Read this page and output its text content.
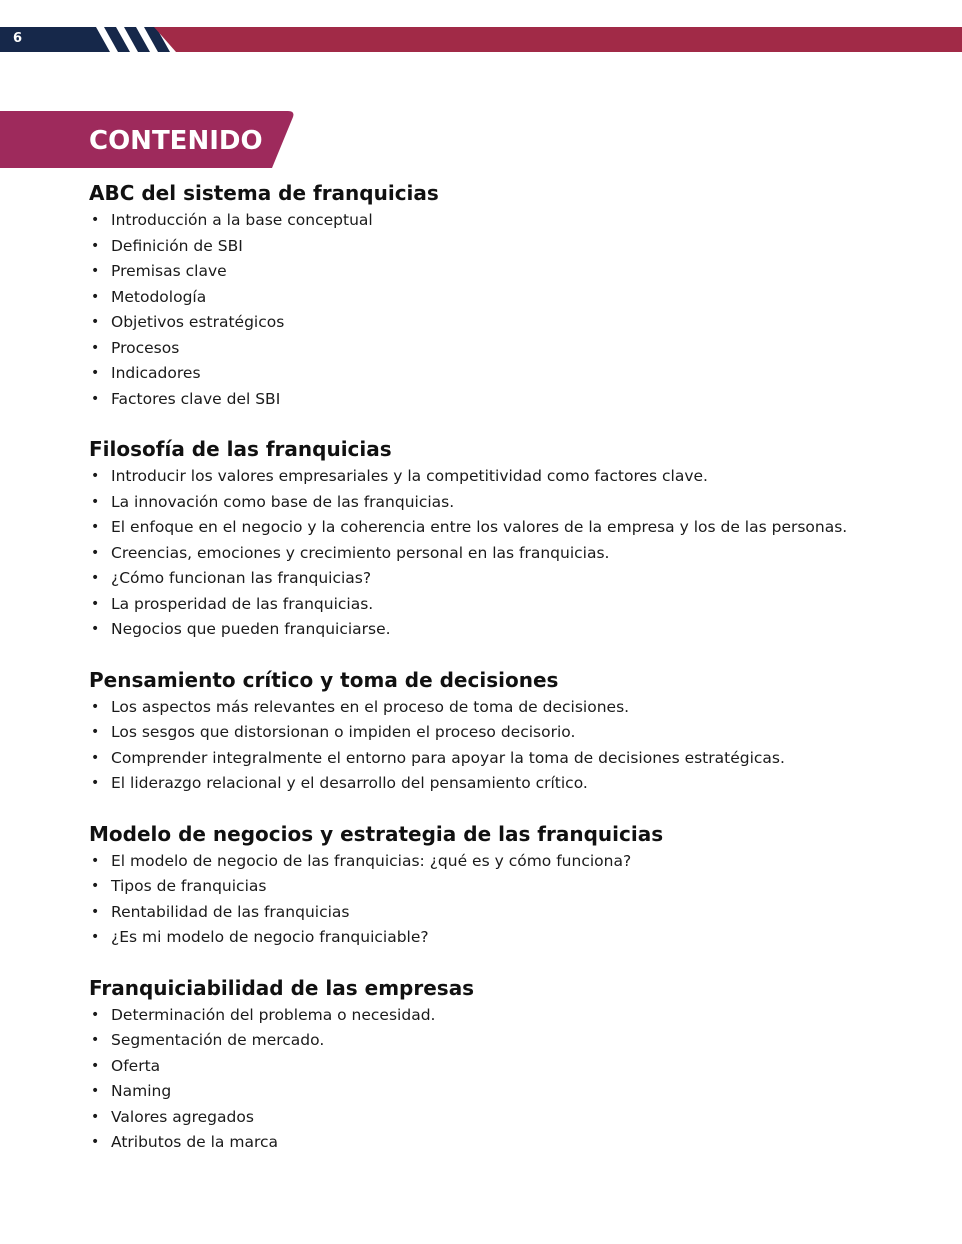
6
CONTENIDO
ABC del sistema de franquicias
• Introducción a la base conceptual
• Definición de SBI
• Premisas clave
• Metodología
• Objetivos estratégicos
• Procesos
• Indicadores
• Factores clave del SBI
Filosofía de las franquicias
• Introducir los valores empresariales y la competitividad como factores clave.
• La innovación como base de las franquicias.
• El enfoque en el negocio y la coherencia entre los valores de la empresa y los de las personas.
• Creencias, emociones y crecimiento personal en las franquicias.
• ¿Cómo funcionan las franquicias?
• La prosperidad de las franquicias.
• Negocios que pueden franquiciarse.
Pensamiento crítico y toma de decisiones
• Los aspectos más relevantes en el proceso de toma de decisiones.
• Los sesgos que distorsionan o impiden el proceso decisorio.
• Comprender integralmente el entorno para apoyar la toma de decisiones estratégicas.
• El liderazgo relacional y el desarrollo del pensamiento crítico.
Modelo de negocios y estrategia de las franquicias
• El modelo de negocio de las franquicias: ¿qué es y cómo funciona?
• Tipos de franquicias
• Rentabilidad de las franquicias
• ¿Es mi modelo de negocio franquiciable?
Franquiciabilidad de las empresas
• Determinación del problema o necesidad.
• Segmentación de mercado.
• Oferta
• Naming
• Valores agregados
• Atributos de la marca
